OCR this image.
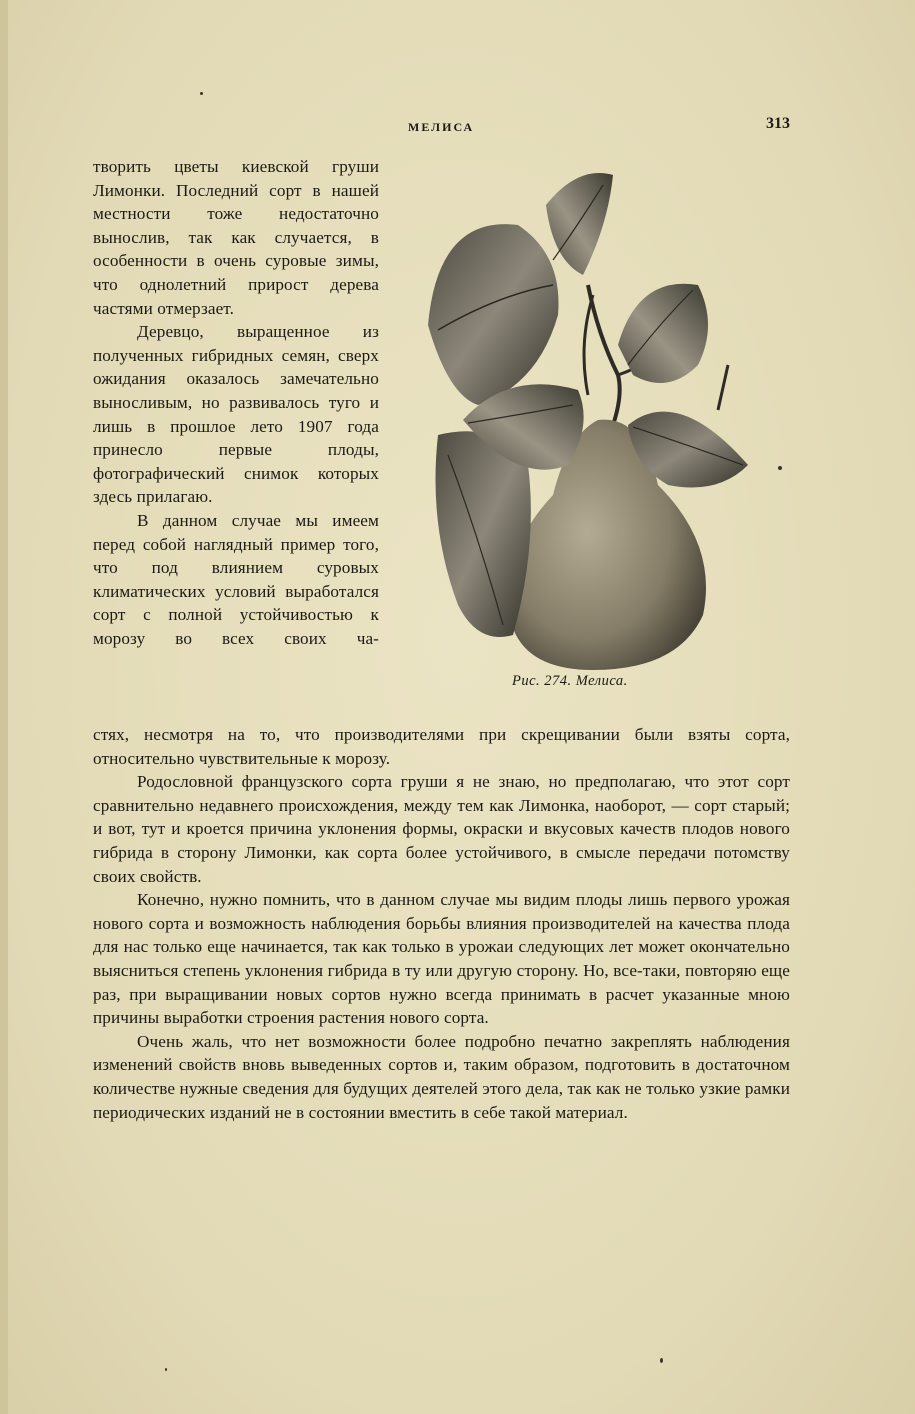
МЕЛИСА	313

творить цветы киевской груши Лимонки. Последний сорт в нашей местности тоже недостаточно вынослив, так как случается, в особенности в очень суровые зимы, что однолетний прирост дерева частями отмерзает.

Деревцо, выращенное из полученных гибридных семян, сверх ожидания оказалось замечательно выносливым, но развивалось туго и лишь в прошлое лето 1907 года принесло первые плоды, фотографический снимок которых здесь прилагаю.

В данном случае мы имеем перед собой наглядный пример того, что под влиянием суровых климатических условий выработался сорт с полной устойчивостью к морозу во всех своих ча-

Рис. 274. Мелиса.

стях, несмотря на то, что производителями при скрещивании были взяты сорта, относительно чувствительные к морозу.

Родословной французского сорта груши я не знаю, но предполагаю, что этот сорт сравнительно недавнего происхождения, между тем как Лимонка, наоборот, — сорт старый; и вот, тут и кроется причина уклонения формы, окраски и вкусовых качеств плодов нового гибрида в сторону Лимонки, как сорта более устойчивого, в смысле передачи потомству своих свойств.

Конечно, нужно помнить, что в данном случае мы видим плоды лишь первого урожая нового сорта и возможность наблюдения борьбы влияния производителей на качества плода для нас только еще начинается, так как только в урожаи следующих лет может окончательно выясниться степень уклонения гибрида в ту или другую сторону. Но, все-таки, повторяю еще раз, при выращивании новых сортов нужно всегда принимать в расчет указанные мною причины выработки строения растения нового сорта.

Очень жаль, что нет возможности более подробно печатно закреплять наблюдения изменений свойств вновь выведенных сортов и, таким образом, подготовить в достаточном количестве нужные сведения для будущих деятелей этого дела, так как не только узкие рамки периодических изданий не в состоянии вместить в себе такой материал.
